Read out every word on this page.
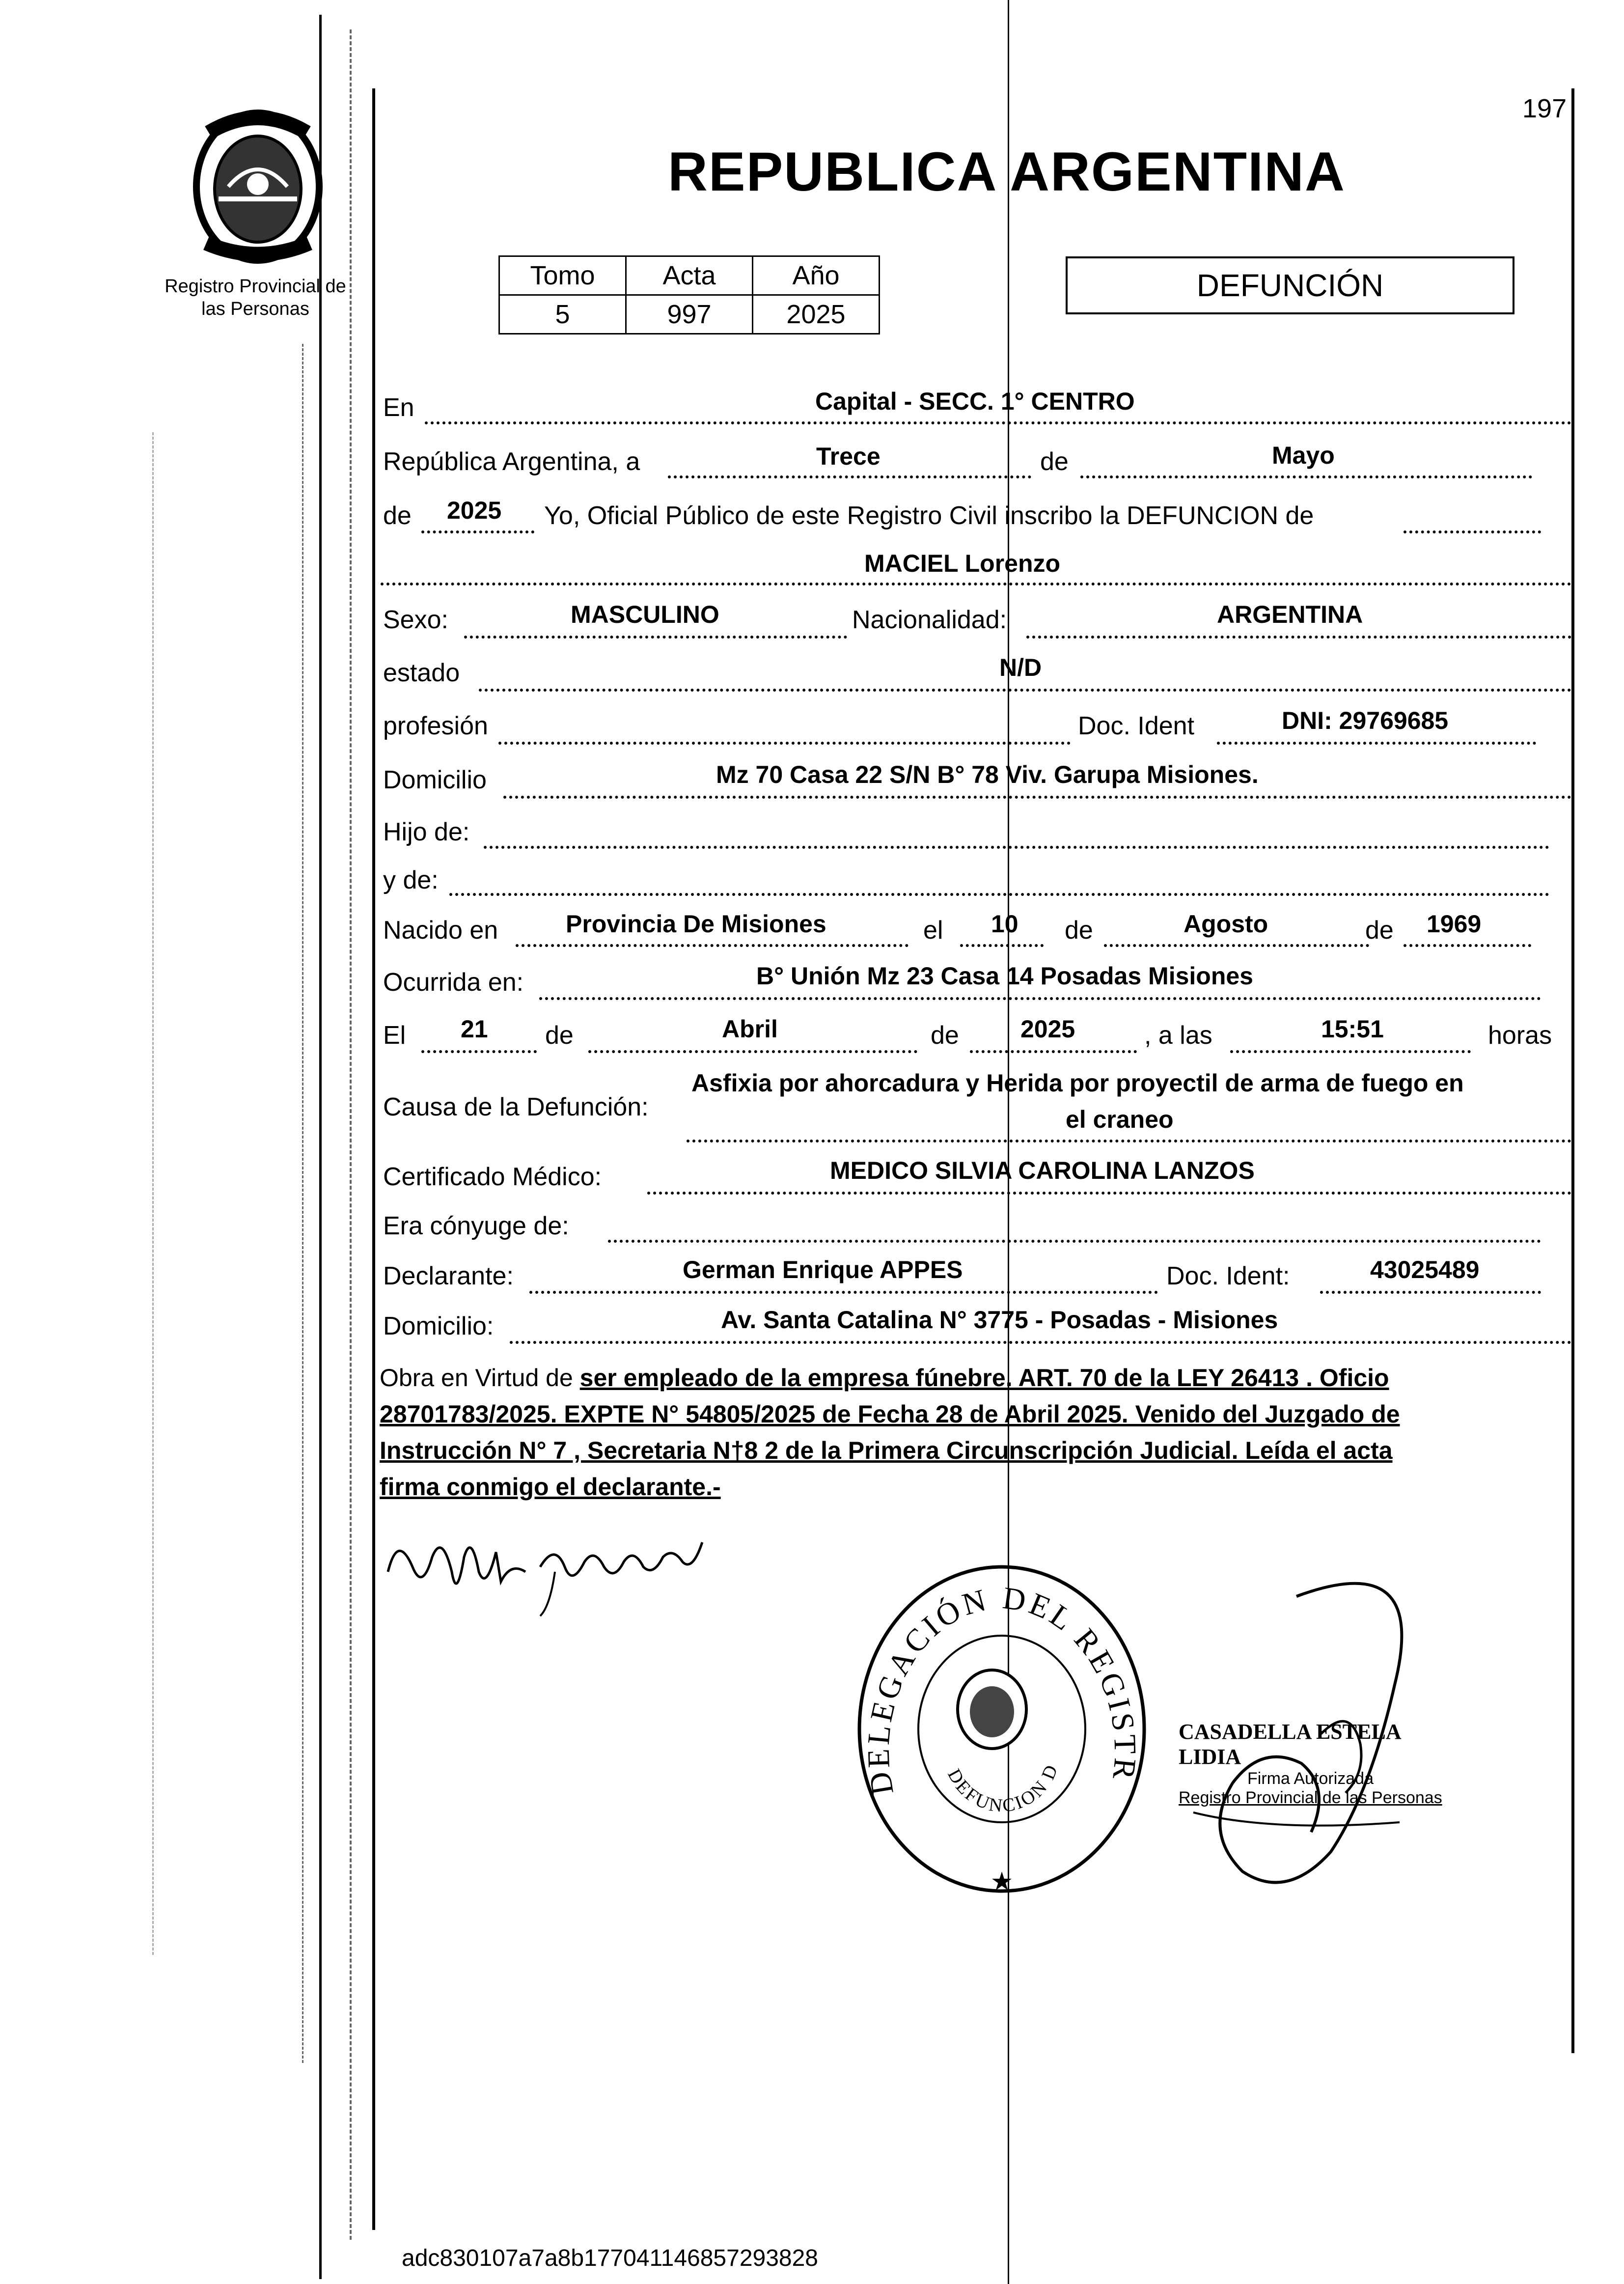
Registro Provincial de
las Personas
197
REPUBLICA ARGENTINA
Tomo	Acta	Año
5	997	2025
DEFUNCIÓN
En	Capital - SECC. 1° CENTRO
República Argentina, a	Trece	de	Mayo
de 2025 Yo, Oficial Público de este Registro Civil inscribo la DEFUNCION de
MACIEL Lorenzo
Sexo:	MASCULINO	Nacionalidad:	ARGENTINA
estado	N/D
profesión	Doc. Ident	DNI: 29769685
Domicilio	Mz 70 Casa 22 S/N B° 78 Viv. Garupa Misiones.
Hijo de:
y de:
Nacido en	Provincia De Misiones	el 10 de	Agosto	de 1969
Ocurrida en:	B° Unión Mz 23 Casa 14 Posadas Misiones
El 21 de	Abril	de	2025	, a las	15:51	horas
Causa de la Defunción:
Asfixia por ahorcadura y Herida por proyectil de arma de fuego en
el craneo
Certificado Médico:	MEDICO SILVIA CAROLINA LANZOS
Era cónyuge de:
Declarante:	German Enrique APPES	Doc. Ident:	43025489
Domicilio:	Av. Santa Catalina N° 3775 - Posadas - Misiones
Obra en Virtud de ser empleado de la empresa fúnebre. ART. 70 de la LEY 26413 . Oficio
28701783/2025. EXPTE N° 54805/2025 de Fecha 28 de Abril 2025. Venido del Juzgado de
Instrucción N° 7 , Secretaria N†8 2 de la Primera Circunscripción Judicial. Leída el acta
firma conmigo el declarante.-
DELEGACIÓN DEL REGISTR
DEFUNCION D
★
CASADELLA ESTELA LIDIA
Firma Autorizada
Registro Provincial de las Personas
adc830107a7a8b177041146857293828
